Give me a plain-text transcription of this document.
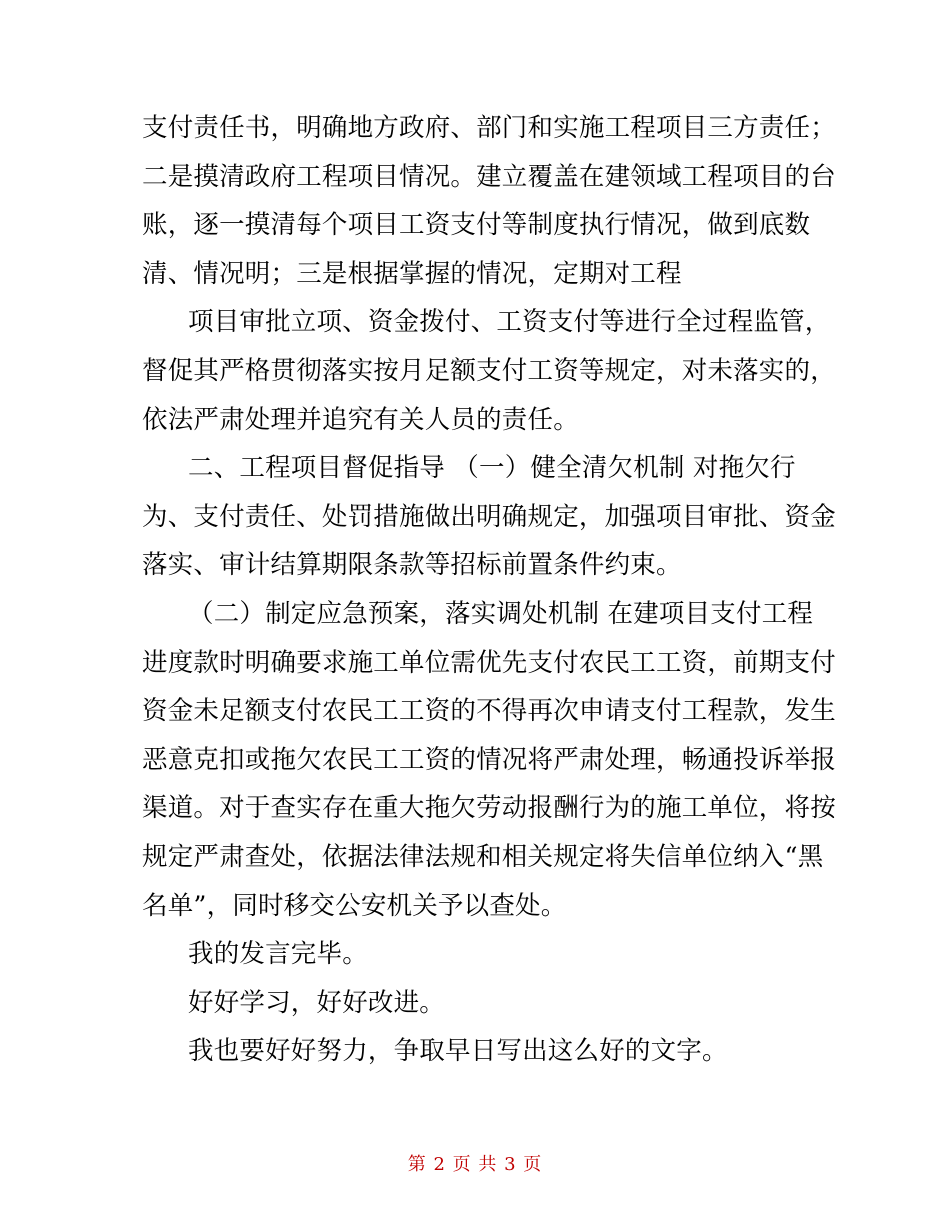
支付责任书，明确地方政府、部门和实施工程项目三方责任；
二是摸清政府工程项目情况。建立覆盖在建领域工程项目的台
账，逐一摸清每个项目工资支付等制度执行情况，做到底数
清、情况明；三是根据掌握的情况，定期对工程

项目审批立项、资金拨付、工资支付等进行全过程监管，
督促其严格贯彻落实按月足额支付工资等规定，对未落实的，
依法严肃处理并追究有关人员的责任。

二、工程项目督促指导 （一）健全清欠机制 对拖欠行
为、支付责任、处罚措施做出明确规定，加强项目审批、资金
落实、审计结算期限条款等招标前置条件约束。

（二）制定应急预案，落实调处机制 在建项目支付工程
进度款时明确要求施工单位需优先支付农民工工资，前期支付
资金未足额支付农民工工资的不得再次申请支付工程款，发生
恶意克扣或拖欠农民工工资的情况将严肃处理，畅通投诉举报
渠道。对于查实存在重大拖欠劳动报酬行为的施工单位，将按
规定严肃查处，依据法律法规和相关规定将失信单位纳入“黑
名单”，同时移交公安机关予以查处。

我的发言完毕。

好好学习，好好改进。

我也要好好努力，争取早日写出这么好的文字。

第 2 页 共 3 页
